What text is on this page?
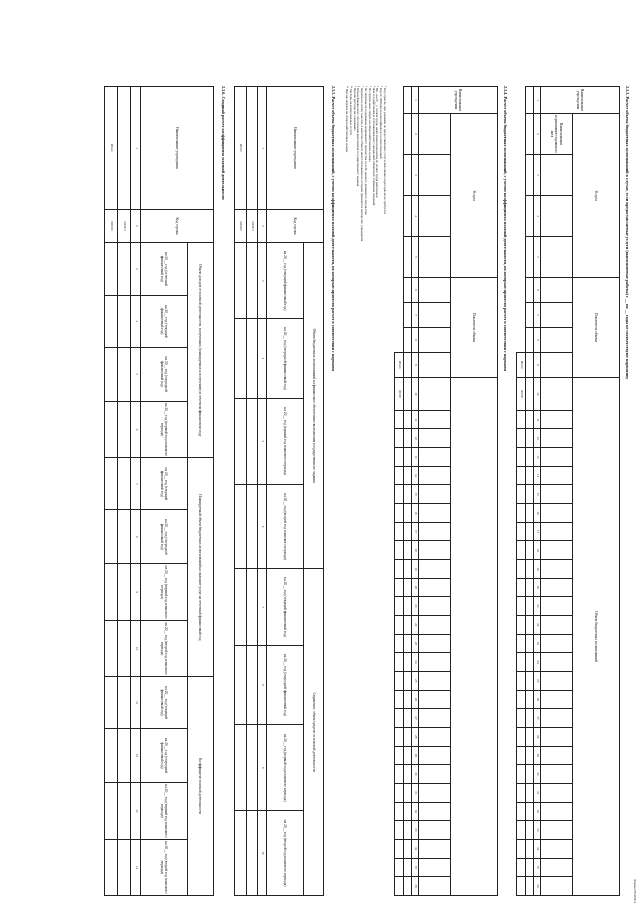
Форма 0503296-4
2.3.3. Расчет объема бюджетных ассигнований в случае, если предоставляемые услуги (выполняемые работы) с __ по __ годы не соответствуют нормативу
Наименование учреждения	Услуга				Показатель объема				Объем бюджетных ассигнований																										
	Наименование нормативного правового акта																																		
1	2	3	4	5	6	7	8	9	10	11	12	13	14	15	16	17	18	19	20	21	22	23	24	25	26	27	28	29	30	31	32	33	34	35	36

								Итого	90000																										
2.3.4. Расчет объема бюджетных ассигнований, с учетом коэффициента платной деятельности, по которым провести расчет в соответствии с нормами
Наименование учреждения	Услуга				Показатель объема																														

1	2	3	4	5	6	7	8	9	10	11	12	13	14	15	16	17	18	19	20	21	22	23	24	25	26	27	28	29	30	31	32	33	34	35	36

								Итого	90000																										
¹ Код отрасли, при указании по предоставлению услуги заполнение кода отрасли не требуется
² Код по ОКПД или классификатор соответствующий
³ ВБ - на 20__ г. оплата труда, начисления на выплаты по оплате труда работников
⁴ Для государственных и муниципальных учреждений обязательно отражение сведений
⁵ По группе иных затрат, на общехозяйственные нужды
⁶ По затратам на содержание недвижимого имущества и особо ценного движимого имущества
⁷ Затраты на уплату налогов, в качестве объекта налогообложения по которым признается имущество учреждения
⁸ Объем финансового обеспечения выполнения государственного задания
⁹ Прочие расходы на содержание
¹⁰ Расходы на коммунальные услуги
¹¹ Прочие затраты на общехозяйственные нужды
2.3.5. Расчет объема бюджетных ассигнований, с учетом коэффициента платной деятельности, по которым провести расчет в соответствии с нормами
Наименование учреждения	Код строки	Объем бюджетных ассигнований на финансовое обеспечение выполнения государственного задания				Справочно: объем средств от платной деятельности			
		на 20__ год (текущий финансовый год)	на 20__ год (очередной финансовый год)	на 20__ год (первый год планового периода)	на 20__ год (второй год планового периода)	на 20__ год (текущий финансовый год)	на 20__ год (очередной финансовый год)	на 20__ год (первый год планового периода)	на 20__ год (второй год планового периода)
1	2	3	4	5	6	7	8	9	10
	000001								
Итого	900000								
2.3.6. Сводный расчет коэффициента платной деятельности
Наименование учреждения	Код строки	Объем доходов от платной деятельности, полученных (планируемых к получению) в отчетном финансовом году				Планируемый объем бюджетных ассигнований на оказание услуг на отчетный финансовый год				Коэффициент платной деятельности			
		на 20__ год (отчетный финансовый год)	на 20__ год (текущий финансовый год)	на 20__ год (очередной финансовый год)	на 20__ год (первый год планового периода)	на 20__ год (текущий финансовый год)	на 20__ год (очередной финансовый год)	на 20__ год (первый год планового периода)	на 20__ год (второй год планового периода)	на 20__ год (текущий финансовый год)	на 20__ год (очередной финансовый год)	на 20__ год (первый год планового периода)	на 20__ год (второй год планового периода)
1	2	3	4	5	6	7	8	9	10	11	12	13	14
	000001												
Итого	900000												
